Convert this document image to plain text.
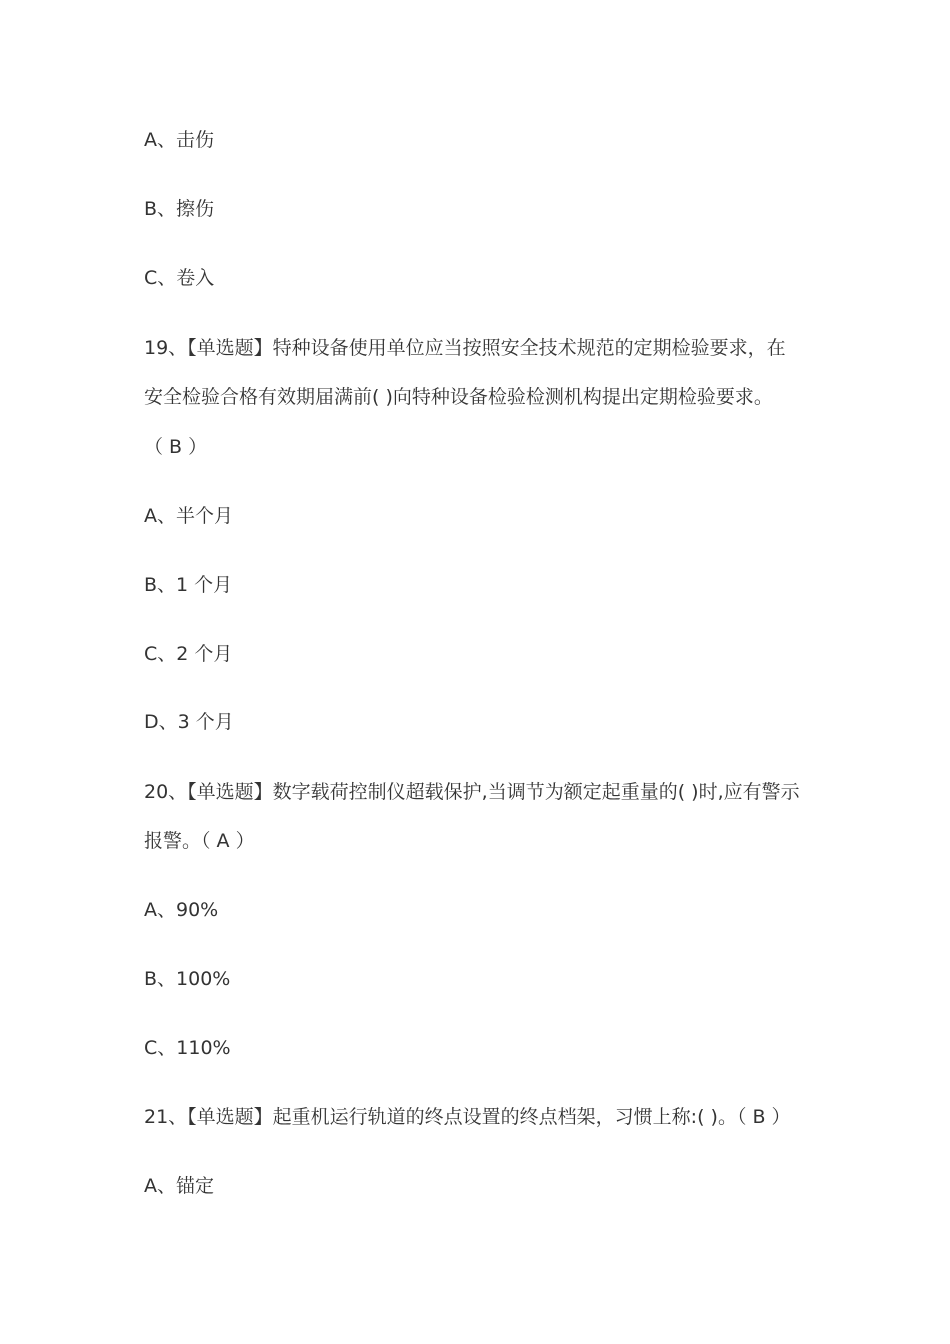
A、击伤
B、擦伤
C、卷入
19、【单选题】特种设备使用单位应当按照安全技术规范的定期检验要求，在
安全检验合格有效期届满前( )向特种设备检验检测机构提出定期检验要求。
（ B ）
A、半个月
B、1 个月
C、2 个月
D、3 个月
20、【单选题】数字载荷控制仪超载保护,当调节为额定起重量的( )时,应有警示
报警。（ A ）
A、90%
B、100%
C、110%
21、【单选题】起重机运行轨道的终点设置的终点档架，习惯上称:( )。（ B ）
A、锚定
